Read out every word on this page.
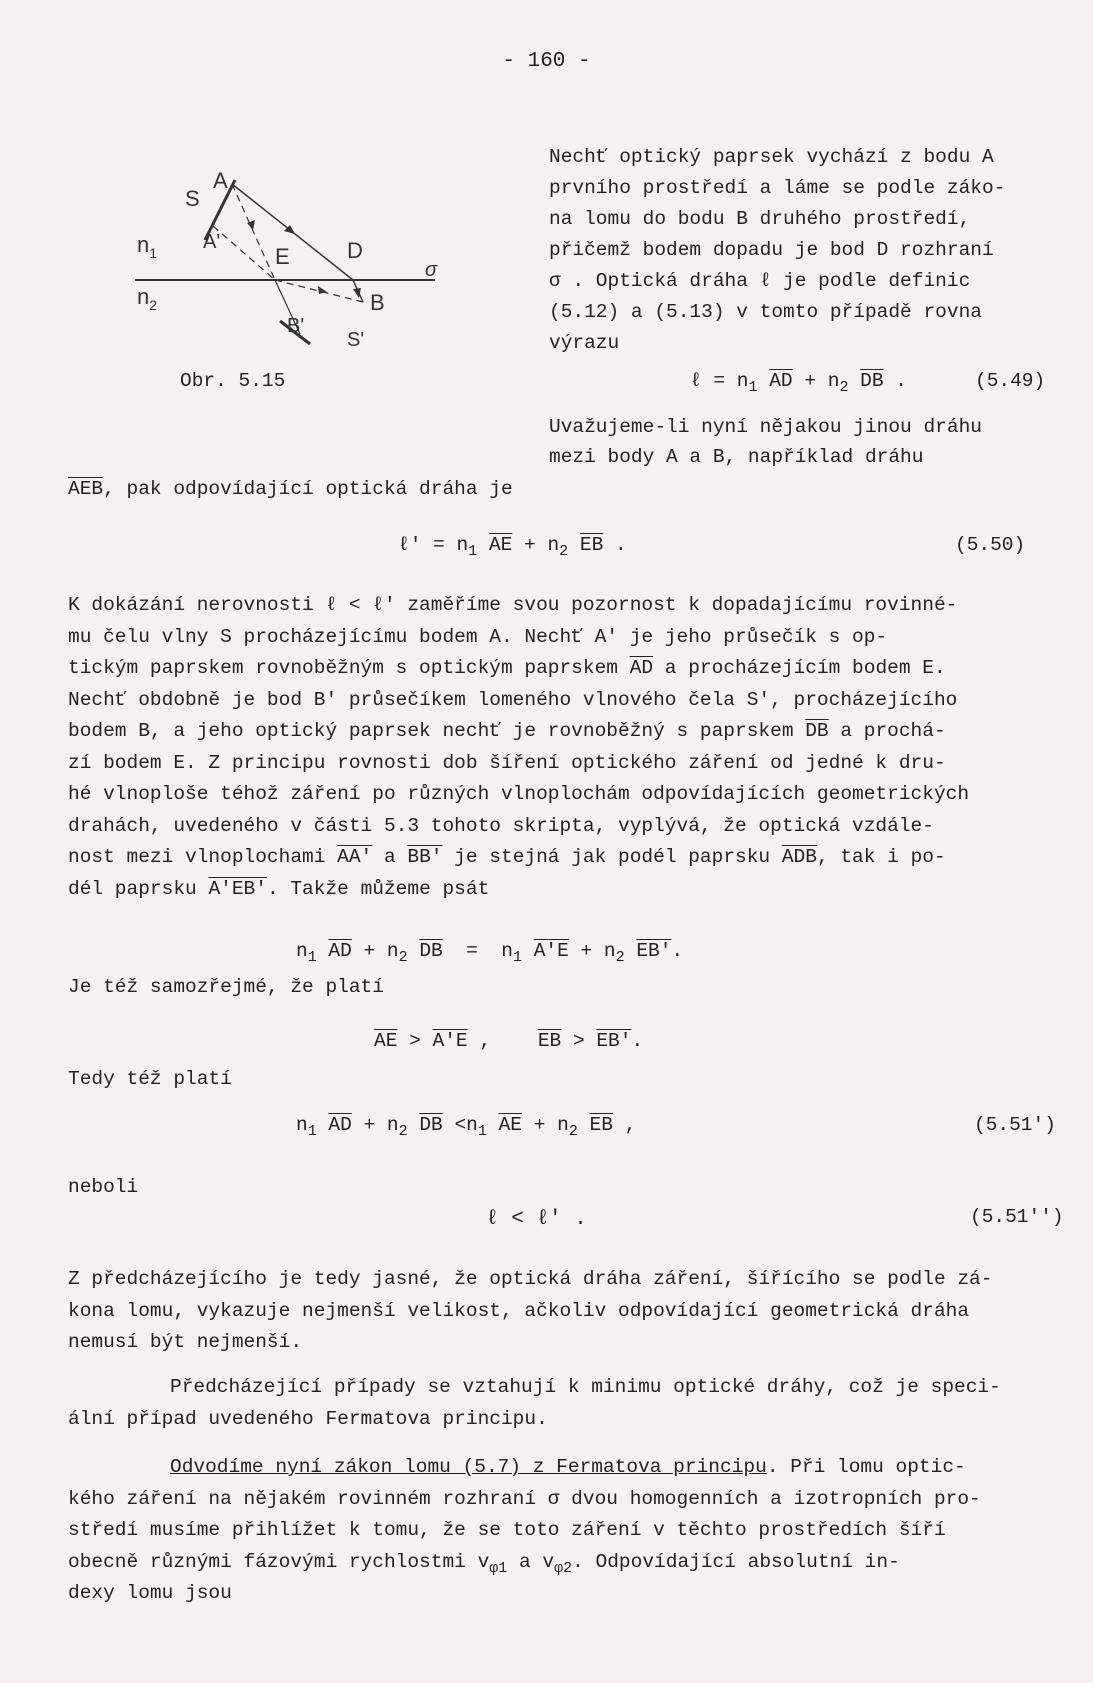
- 160 -
A
S
$n_1$ A'
E	D
σ
$n_2$	B
B'
S'
Obr. 5.15
Nechť optický paprsek vychází z bodu A
prvního prostředí a láme se podle záko-
na lomu do bodu B druhého prostředí,
přičemž bodem dopadu je bod D rozhraní
σ . Optická dráha ℓ je podle definic
(5.12) a (5.13) v tomto případě rovna
výrazu
ℓ = $n_1$ $\overline{AD} + n_2$ $\overline{DB}$ .	(5.49)
Uvažujeme-li nyní nějakou jinou dráhu
mezi body A a B, například dráhu
$\overline{AEB}$, pak odpovídající optická dráha je
ℓ' = $n_1$ $\overline{AE} + n_2$ $\overline{EB}$ .	(5.50)
K dokázání nerovnosti ℓ < ℓ' zaměříme svou pozornost k dopadajícímu rovinné-
mu čelu vlny S procházejícímu bodem A. Nechť A' je jeho průsečík s op-
tickým paprskem rovnoběžným s optickým paprskem $\overline{AD}$ a procházejícím bodem E.
Nechť obdobně je bod B' průsečíkem lomeného vlnového čela S', procházejícího
bodem B, a jeho optický paprsek nechť je rovnoběžný s paprskem $\overline{DB}$ a prochá-
zí bodem E. Z principu rovnosti dob šíření optického záření od jedné k dru-
hé vlnoploše téhož záření po různých vlnoplochám odpovídajících geometrických
drahách, uvedeného v části 5.3 tohoto skripta, vyplývá, že optická vzdále-
nost mezi vlnoplochami AA' a BB' je stejná jak podél paprsku $\overline{ADB}$, tak i po-
dél paprsku A'EB'. Takže můžeme psát
$n_1$ $\overline{AD} + n_2$ $\overline{DB} = n_1$ $A'E + n_2$ EB'.
Je též samozřejmé, že platí
$\overline{AE} > A'E$ , $\overline{EB} > EB'$.
Tedy též platí
$n_1$ $\overline{AD} + n_2$ $\overline{DB} <n_1$ $\overline{AE} + n_2$ $\overline{EB}$ ,	(5.51')
neboli
ℓ < ℓ' .	(5.51'')
Z předcházejícího je tedy jasné, že optická dráha záření, šířícího se podle zá-
kona lomu, vykazuje nejmenší velikost, ačkoliv odpovídající geometrická dráha
nemusí být nejmenší.
Předcházející případy se vztahují k minimu optické dráhy, což je speci-
ální případ uvedeného Fermatova principu.
Odvodíme nyní zákon lomu (5.7) z Fermatova principu. Při lomu optic-
kého záření na nějakém rovinném rozhraní σ dvou homogenních a izotropních pro-
středí musíme přihlížet k tomu, že se toto záření v těchto prostředích šíří
obecně různými fázovými rychlostmi $v_{\varphi 1}$ a $v_{\varphi 2}$. Odpovídající absolutní in-
dexy lomu jsou
